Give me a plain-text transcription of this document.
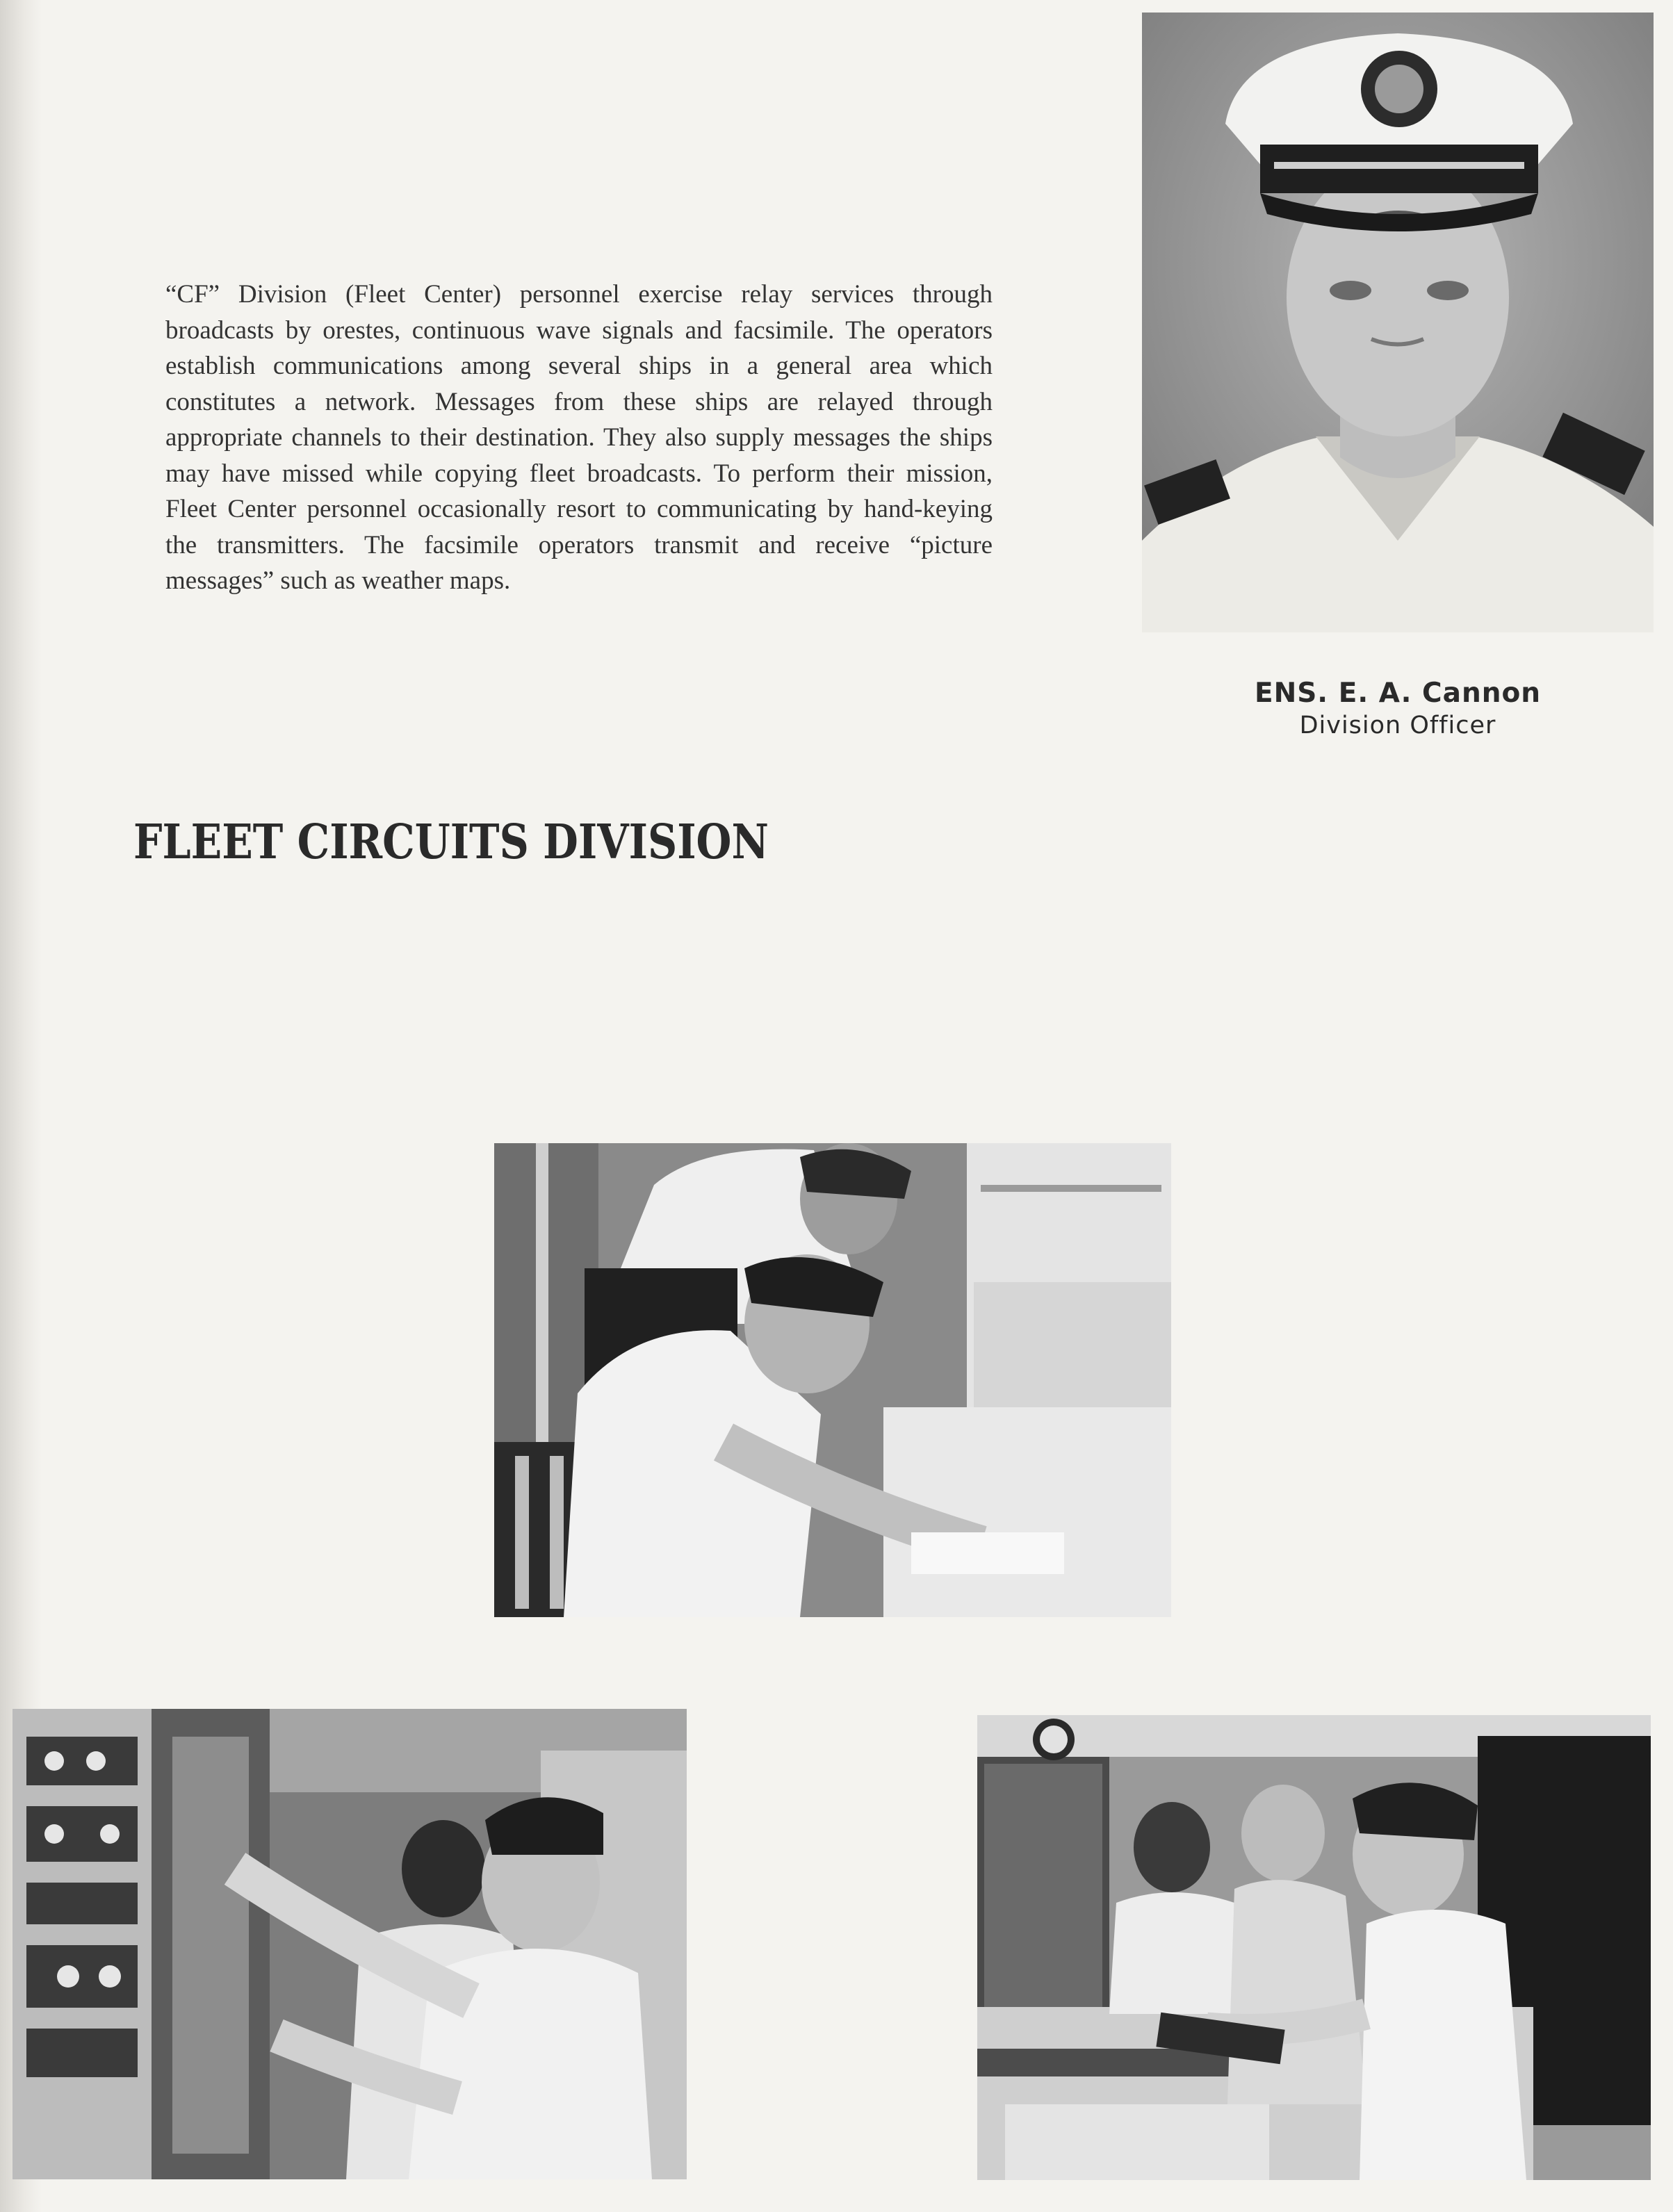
“CF” Division (Fleet Center) personnel exercise relay services through broadcasts by orestes, continuous wave signals and facsimile. The operators establish communications among several ships in a general area which constitutes a network. Messages from these ships are relayed through appropriate channels to their destination. They also supply messages the ships may have missed while copying fleet broadcasts. To perform their mission, Fleet Center personnel occasionally resort to communicating by hand-keying the transmitters. The facsimile operators transmit and receive “picture messages” such as weather maps.

ENS. E. A. Cannon
Division Officer
FLEET CIRCUITS DIVISION
